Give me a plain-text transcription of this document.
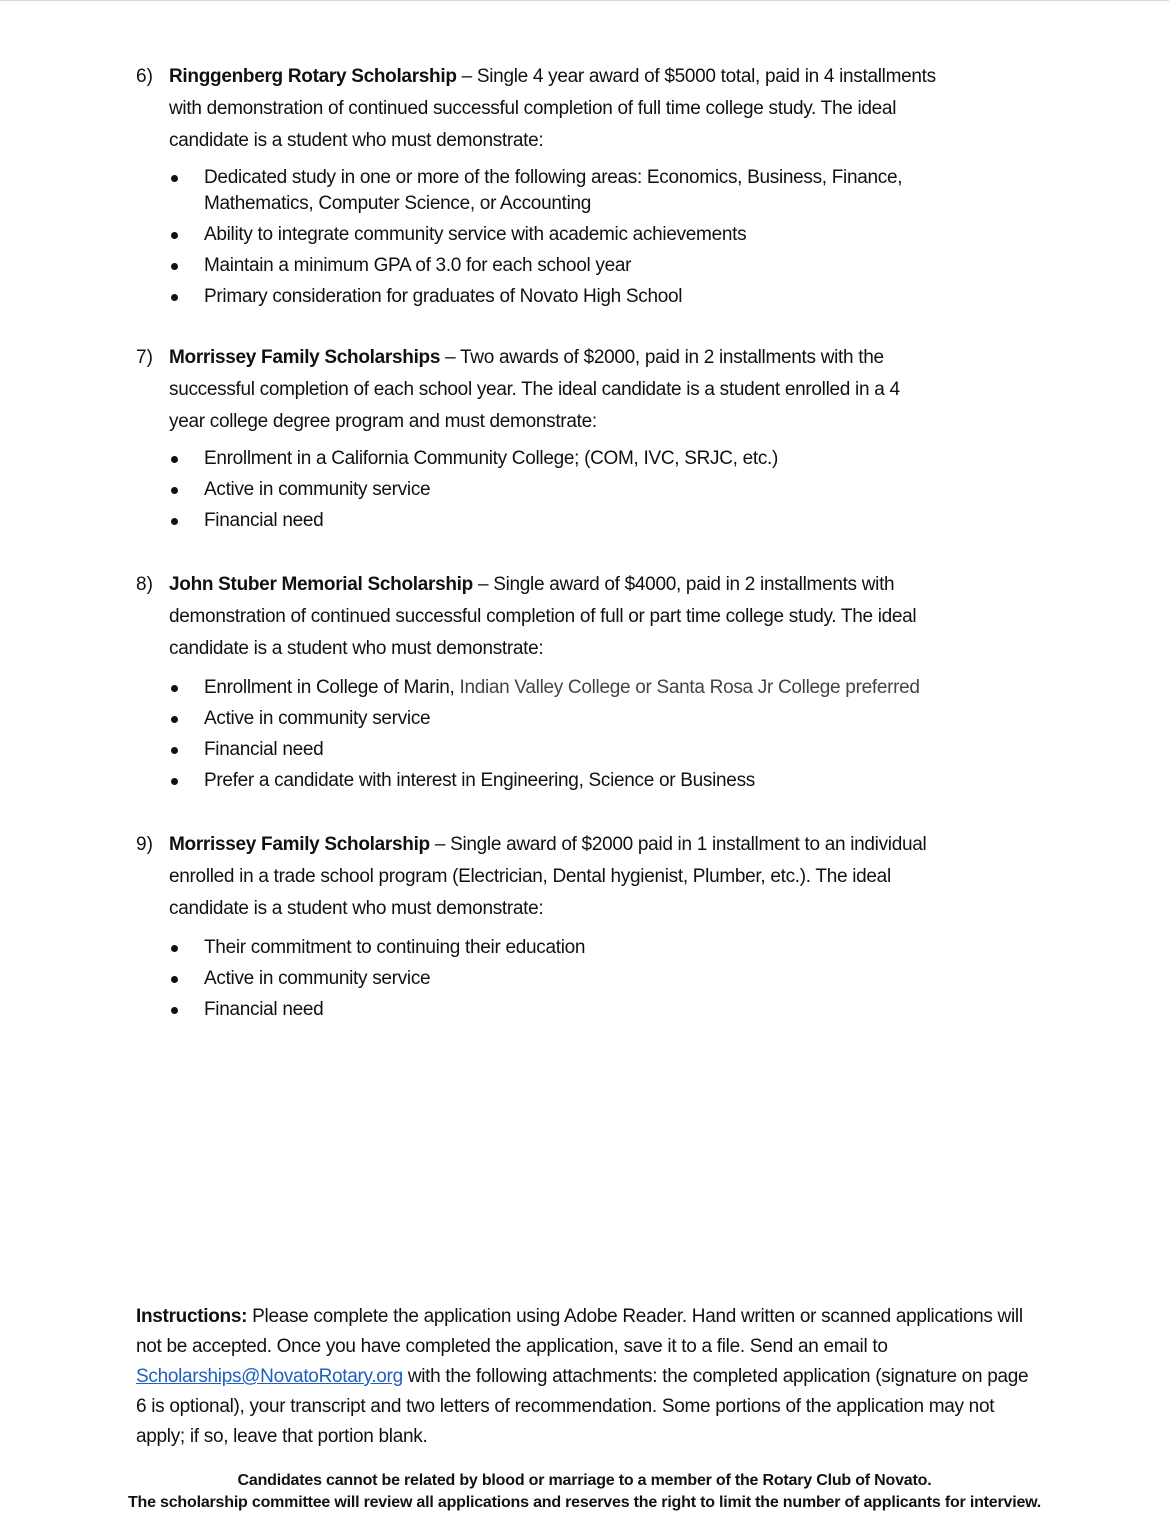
6) Ringgenberg Rotary Scholarship – Single 4 year award of $5000 total, paid in 4 installments with demonstration of continued successful completion of full time college study. The ideal candidate is a student who must demonstrate:
Dedicated study in one or more of the following areas: Economics, Business, Finance, Mathematics, Computer Science, or Accounting
Ability to integrate community service with academic achievements
Maintain a minimum GPA of 3.0 for each school year
Primary consideration for graduates of Novato High School
7) Morrissey Family Scholarships – Two awards of $2000, paid in 2 installments with the successful completion of each school year. The ideal candidate is a student enrolled in a 4 year college degree program and must demonstrate:
Enrollment in a California Community College; (COM, IVC, SRJC, etc.)
Active in community service
Financial need
8) John Stuber Memorial Scholarship – Single award of $4000, paid in 2 installments with demonstration of continued successful completion of full or part time college study. The ideal candidate is a student who must demonstrate:
Enrollment in College of Marin, Indian Valley College or Santa Rosa Jr College preferred
Active in community service
Financial need
Prefer a candidate with interest in Engineering, Science or Business
9) Morrissey Family Scholarship – Single award of $2000 paid in 1 installment to an individual enrolled in a trade school program (Electrician, Dental hygienist, Plumber, etc.). The ideal candidate is a student who must demonstrate:
Their commitment to continuing their education
Active in community service
Financial need
Instructions: Please complete the application using Adobe Reader. Hand written or scanned applications will not be accepted. Once you have completed the application, save it to a file. Send an email to Scholarships@NovatoRotary.org with the following attachments: the completed application (signature on page 6 is optional), your transcript and two letters of recommendation. Some portions of the application may not apply; if so, leave that portion blank.
Candidates cannot be related by blood or marriage to a member of the Rotary Club of Novato.
The scholarship committee will review all applications and reserves the right to limit the number of applicants for interview.
